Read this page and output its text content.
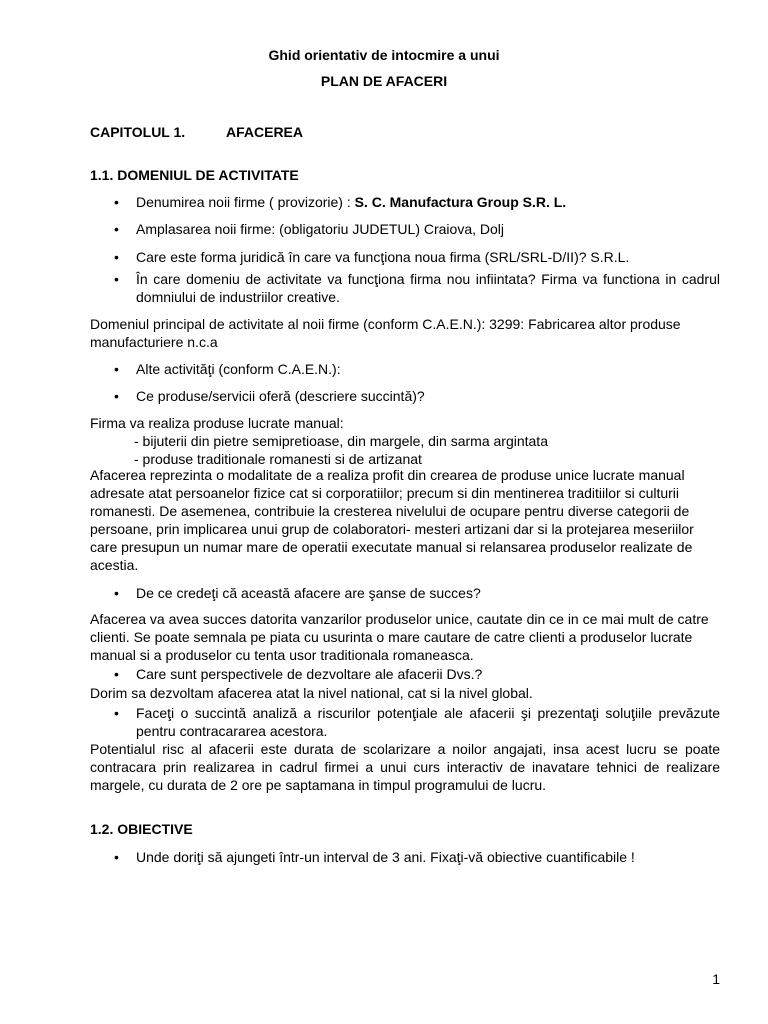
Ghid orientativ de intocmire a unui
PLAN DE AFACERI
CAPITOLUL 1.	AFACEREA
1.1. DOMENIUL DE ACTIVITATE
• Denumirea noii firme ( provizorie) : S. C. Manufactura Group S.R. L.
• Amplasarea noii firme: (obligatoriu JUDETUL) Craiova, Dolj
• Care este forma juridică în care va funcţiona noua firma (SRL/SRL-D/II)? S.R.L.
• În care domeniu de activitate va funcţiona firma nou infiintata? Firma va functiona in cadrul domniului de industriilor creative.
Domeniul principal de activitate al noii firme (conform C.A.E.N.): 3299: Fabricarea altor produse manufacturiere n.c.a
• Alte activităţi (conform C.A.E.N.):
• Ce produse/servicii oferă (descriere succintă)?
Firma va realiza produse lucrate manual:
- bijuterii din pietre semipretioase, din margele, din sarma argintata
- produse traditionale romanesti si de artizanat
Afacerea reprezinta o modalitate de a realiza profit din crearea de produse unice lucrate manual adresate atat persoanelor fizice cat si corporatiilor; precum si din mentinerea traditiilor si culturii romanesti. De asemenea, contribuie la cresterea nivelului de ocupare pentru diverse categorii de persoane, prin implicarea unui grup de colaboratori- mesteri artizani dar si la protejarea meseriilor care presupun un numar mare de operatii executate manual si relansarea produselor realizate de acestia.
• De ce credeţi că această afacere are şanse de succes?
Afacerea va avea succes datorita vanzarilor produselor unice, cautate din ce in ce mai mult de catre clienti. Se poate semnala pe piata cu usurinta o mare cautare de catre clienti a produselor lucrate manual si a produselor cu tenta usor traditionala romaneasca.
• Care sunt perspectivele de dezvoltare ale afacerii Dvs.?
Dorim sa dezvoltam afacerea atat la nivel national, cat si la nivel global.
• Faceţi o succintă analiză a riscurilor potenţiale ale afacerii şi prezentaţi soluţiile prevăzute pentru contracararea acestora.
Potentialul risc al afacerii este durata de scolarizare a noilor angajati, insa acest lucru se poate contracara prin realizarea in cadrul firmei a unui curs interactiv de inavatare tehnici de realizare margele, cu durata de 2 ore pe saptamana in timpul programului de lucru.
1.2. OBIECTIVE
• Unde doriţi să ajungeti într-un interval de 3 ani. Fixaţi-vă obiective cuantificabile !
1
